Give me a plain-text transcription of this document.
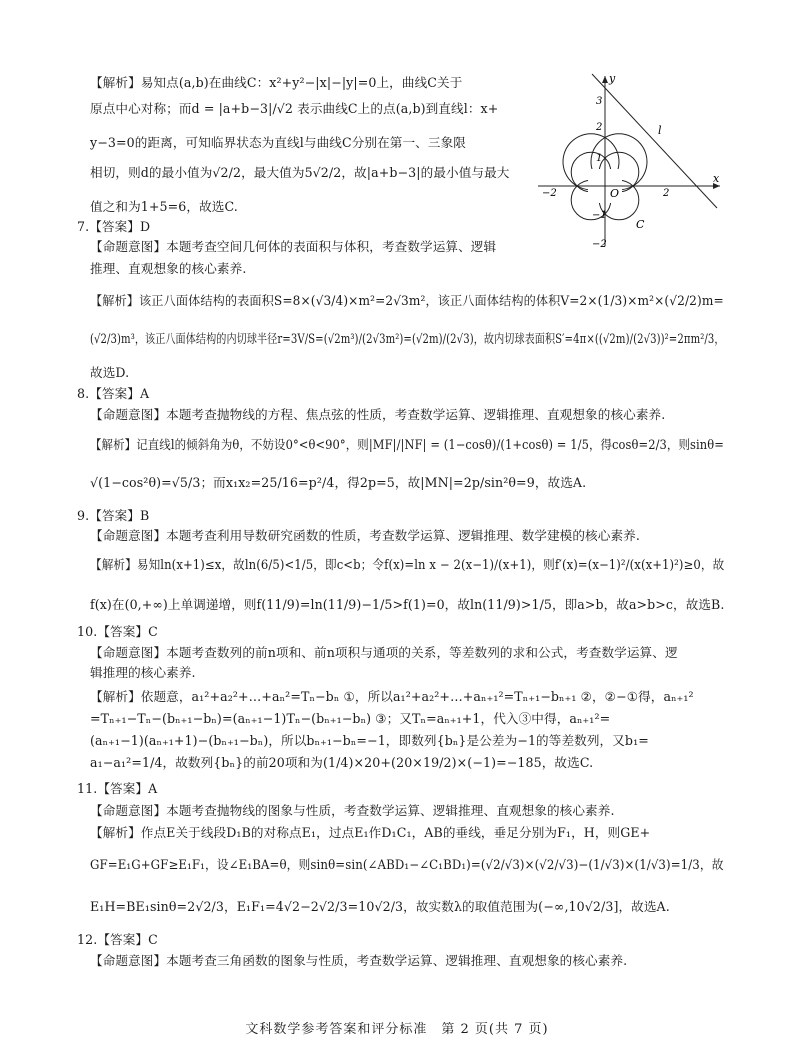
【解析】易知点(a,b)在曲线C：x²+y²−|x|−|y|=0上，曲线C关于
原点中心对称；而d = |a+b−3|/√2 表示曲线C上的点(a,b)到直线l：x+
y−3=0的距离，可知临界状态为直线l与曲线C分别在第一、三象限
相切，则d的最小值为√2/2，最大值为5√2/2，故|a+b−3|的最小值与最大
值之和为1+5=6，故选C.
7.【答案】D
【命题意图】本题考查空间几何体的表面积与体积，考查数学运算、逻辑
推理、直观想象的核心素养.
【解析】该正八面体结构的表面积S=8×(√3/4)×m²=2√3m²，该正八面体结构的体积V=2×(1/3)×m²×(√2/2)m=
(√2/3)m³，该正八面体结构的内切球半径r=3V/S=(√2m³)/(2√3m²)=(√2m)/(2√3)，故内切球表面积S′=4π×((√2m)/(2√3))²=2πm²/3，
故选D.
8.【答案】A
【命题意图】本题考查抛物线的方程、焦点弦的性质，考查数学运算、逻辑推理、直观想象的核心素养.
【解析】记直线l的倾斜角为θ，不妨设0°<θ<90°，则|MF|/|NF| = (1−cosθ)/(1+cosθ) = 1/5，得cosθ=2/3，则sinθ=
√(1−cos²θ)=√5/3；而x₁x₂=25/16=p²/4，得2p=5，故|MN|=2p/sin²θ=9，故选A.
9.【答案】B
【命题意图】本题考查利用导数研究函数的性质，考查数学运算、逻辑推理、数学建模的核心素养.
【解析】易知ln(x+1)≤x，故ln(6/5)<1/5，即c<b；令f(x)=ln x − 2(x−1)/(x+1)，则f′(x)=(x−1)²/(x(x+1)²)≥0，故
f(x)在(0,+∞)上单调递增，则f(11/9)=ln(11/9)−1/5>f(1)=0，故ln(11/9)>1/5，即a>b，故a>b>c，故选B.
10.【答案】C
【命题意图】本题考查数列的前n项和、前n项积与通项的关系，等差数列的求和公式，考查数学运算、逻
辑推理的核心素养.
【解析】依题意，a₁²+a₂²+…+aₙ²=Tₙ−bₙ ①，所以a₁²+a₂²+…+aₙ₊₁²=Tₙ₊₁−bₙ₊₁ ②，②−①得，aₙ₊₁²
=Tₙ₊₁−Tₙ−(bₙ₊₁−bₙ)=(aₙ₊₁−1)Tₙ−(bₙ₊₁−bₙ) ③；又Tₙ=aₙ₊₁+1，代入③中得，aₙ₊₁²=
(aₙ₊₁−1)(aₙ₊₁+1)−(bₙ₊₁−bₙ)，所以bₙ₊₁−bₙ=−1，即数列{bₙ}是公差为−1的等差数列，又b₁=
a₁−a₁²=1/4，故数列{bₙ}的前20项和为(1/4)×20+(20×19/2)×(−1)=−185，故选C.
11.【答案】A
【命题意图】本题考查抛物线的图象与性质，考查数学运算、逻辑推理、直观想象的核心素养.
【解析】作点E关于线段D₁B的对称点E₁，过点E₁作D₁C₁，AB的垂线，垂足分别为F₁，H，则GE+
GF=E₁G+GF≥E₁F₁，设∠E₁BA=θ，则sinθ=sin(∠ABD₁−∠C₁BD₁)=(√2/√3)×(√2/√3)−(1/√3)×(1/√3)=1/3，故
E₁H=BE₁sinθ=2√2/3，E₁F₁=4√2−2√2/3=10√2/3，故实数λ的取值范围为(−∞,10√2/3]，故选A.
12.【答案】C
【命题意图】本题考查三角函数的图象与性质，考查数学运算、逻辑推理、直观想象的核心素养.
x
y
O
l
C
3
2
1
−1
−2
−2	2
文科数学参考答案和评分标准　第 2 页(共 7 页)
